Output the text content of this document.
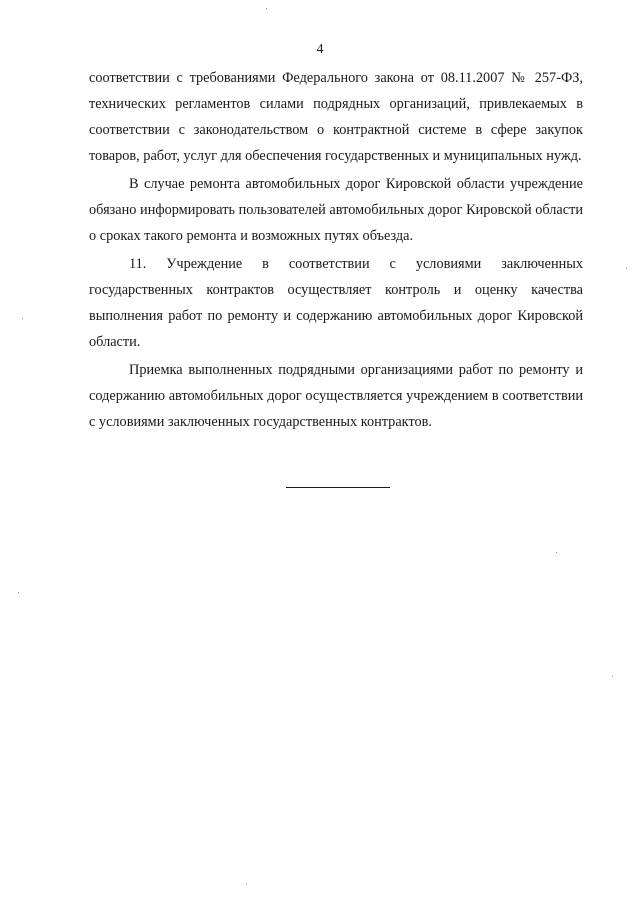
4

соответствии с требованиями Федерального закона от 08.11.2007 № 257-ФЗ, технических регламентов силами подрядных организаций, привлекаемых в соответствии с законодательством о контрактной системе в сфере закупок товаров, работ, услуг для обеспечения государственных и муниципальных нужд.

В случае ремонта автомобильных дорог Кировской области учреждение обязано информировать пользователей автомобильных дорог Кировской области о сроках такого ремонта и возможных путях объезда.

11. Учреждение в соответствии с условиями заключенных государственных контрактов осуществляет контроль и оценку качества выполнения работ по ремонту и содержанию автомобильных дорог Кировской области.

Приемка выполненных подрядными организациями работ по ремонту и содержанию автомобильных дорог осуществляется учреждением в соответствии с условиями заключенных государственных контрактов.
